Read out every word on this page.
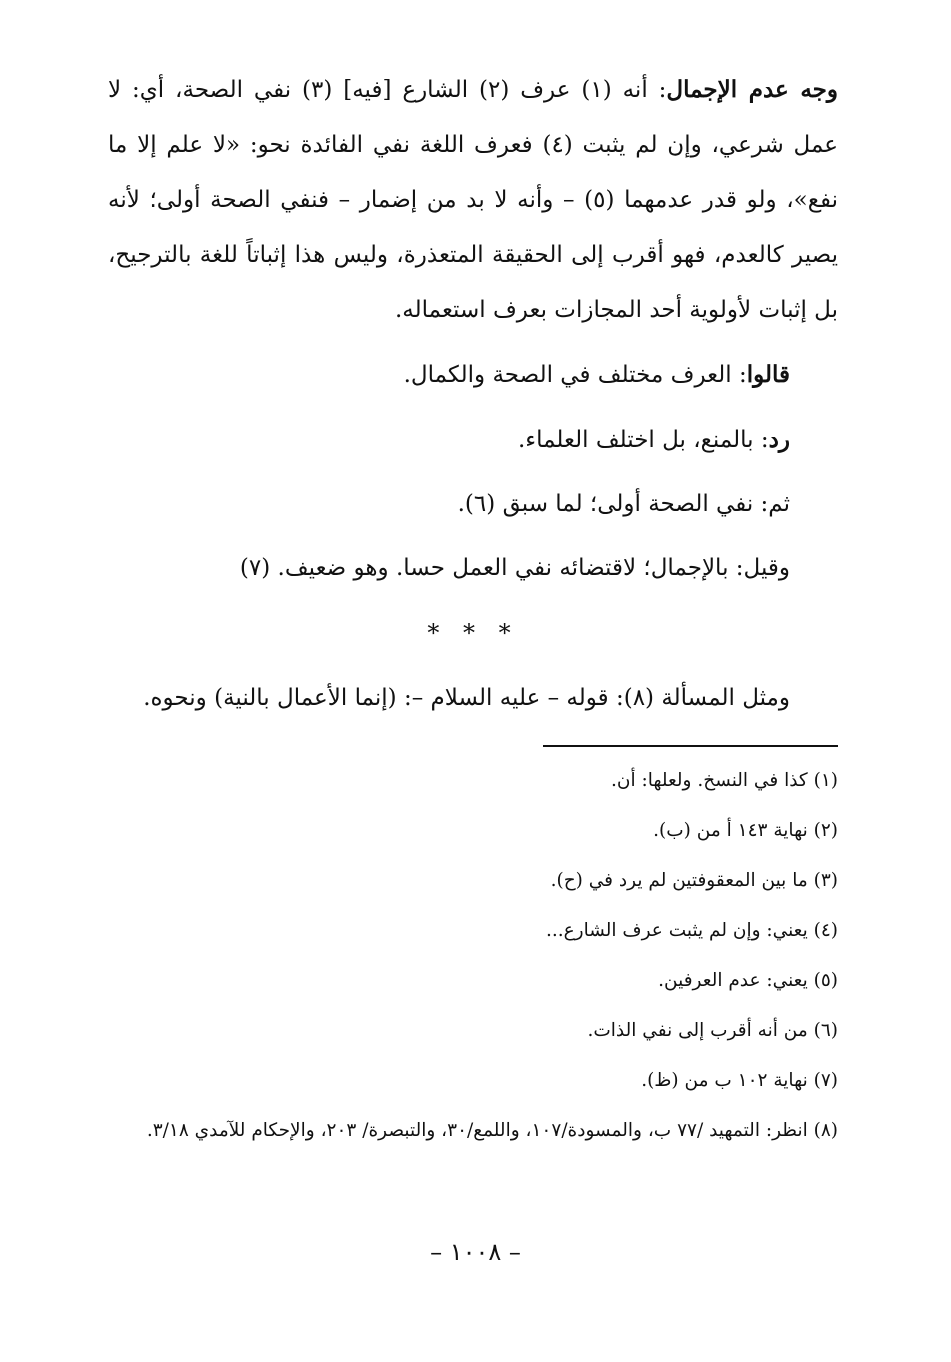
وجه عدم الإجمال: أنه (١) عرف (٢) الشارع [فيه] (٣) نفي الصحة، أي: لا عمل شرعي، وإن لم يثبت (٤) فعرف اللغة نفي الفائدة نحو: «لا علم إلا ما نفع»، ولو قدر عدمهما (٥) – وأنه لا بد من إضمار – فنفي الصحة أولى؛ لأنه يصير كالعدم، فهو أقرب إلى الحقيقة المتعذرة، وليس هذا إثباتاً للغة بالترجيح، بل إثبات لأولوية أحد المجازات بعرف استعماله.

قالوا: العرف مختلف في الصحة والكمال.

رد: بالمنع، بل اختلف العلماء.

ثم: نفي الصحة أولى؛ لما سبق (٦).

وقيل: بالإجمال؛ لاقتضائه نفي العمل حسا. وهو ضعيف. (٧)

* * *

ومثل المسألة (٨): قوله – عليه السلام –: (إنما الأعمال بالنية) ونحوه.

(١) كذا في النسخ. ولعلها: أن.

(٢) نهاية ١٤٣ أ من (ب).

(٣) ما بين المعقوفتين لم يرد في (ح).

(٤) يعني: وإن لم يثبت عرف الشارع...

(٥) يعني: عدم العرفين.

(٦) من أنه أقرب إلى نفي الذات.

(٧) نهاية ١٠٢ ب من (ظ).

(٨) انظر: التمهيد /٧٧ ب، والمسودة/١٠٧، واللمع/٣٠، والتبصرة/ ٢٠٣، والإحكام للآمدي ٣/١٨.

– ١٠٠٨ –
